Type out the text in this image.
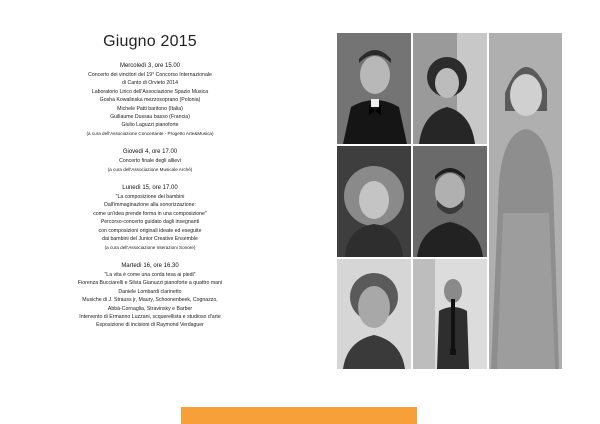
Giugno 2015
Mercoledì 3, ore 15.00
Concerto dei vincitori del 19° Concorso Internazionale
di Canto di Orvieto 2014
Laboratorio Lirico dell'Associazione Spazio Musica
Gosha Kowalinska mezzosoprano (Polonia)
Michele Patti baritono (Italia)
Guillaume Dussau basso (Francia)
Giulio Laguzzi pianoforte
(a cura dell'Associazione Concertante - Progetto Arte&Musica)
Giovedì 4, ore 17.00
Concerto finale degli allievi
(a cura dell'Associazione Musicale Archè)
Lunedì 15, ore 17.00
"La composizione dei bambini
Dall'immaginazione alla sonorizzazione:
come un'idea prende forma in una composizione"
Percorso-concerto guidato dagli insegnanti
con composizioni originali ideate ed eseguite
dai bambini del Junior Creative Ensemble
(a cura dell'Associazione Interazioni Sonore)
Martedì 16, ore 16.30
"La vita è come una corda tesa ai piedi"
Fiorenza Bucciarelli e Silvia Gianuzzi pianoforte a quattro mani
Daniele Lombardi clarinetto
Musiche di J. Strauss jr, Maury, Schoonenbeek, Cognazzo,
Abbà-Cornaglia, Stravinsky e Barber
Intervento di Ermanno Luzzani, scquerellista e studioso d'arte
Esposizione di incisioni di Raymond Verdaguer
